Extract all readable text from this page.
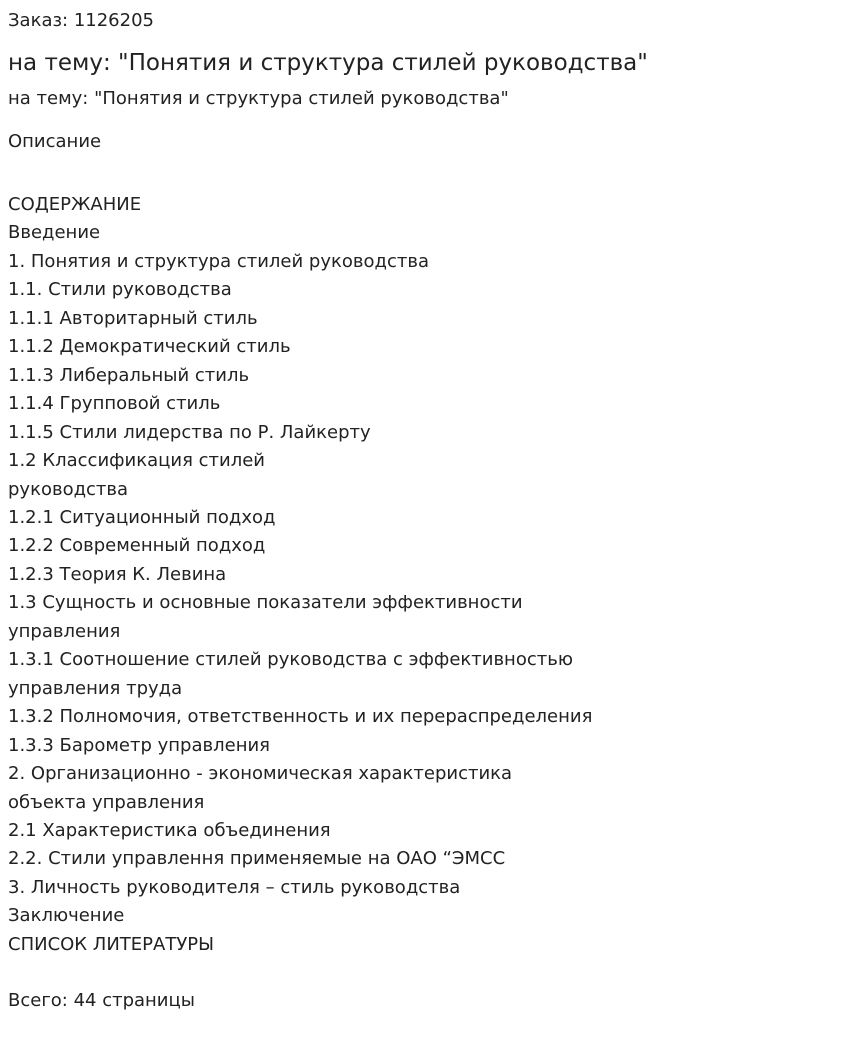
Заказ: 1126205

на тему: "Понятия и структура стилей руководства"

на тему: "Понятия и структура стилей руководства"

Описание

СОДЕРЖАНИЕ
Введение
1. Понятия и структура стилей руководства
1.1. Стили руководства
1.1.1 Авторитарный стиль
1.1.2 Демократический стиль
1.1.3 Либеральный стиль
1.1.4 Групповой стиль
1.1.5 Стили лидерства по Р. Лайкерту
1.2 Классификация стилей
руководства
1.2.1 Ситуационный подход
1.2.2 Современный подход
1.2.3 Теория К. Левина
1.3 Сущность и основные показатели эффективности
управления
1.3.1 Соотношение стилей руководства с эффективностью
управления труда
1.3.2 Полномочия, ответственность и их перераспределения
1.3.3 Барометр управления
2. Организационно - экономическая характеристика
объекта управления
2.1 Характеристика объединения
2.2. Стили управлення применяемые на ОАО “ЭМСС
3. Личность руководителя – стиль руководства
Заключение
СПИСОК ЛИТЕРАТУРЫ

Всего: 44 страницы
